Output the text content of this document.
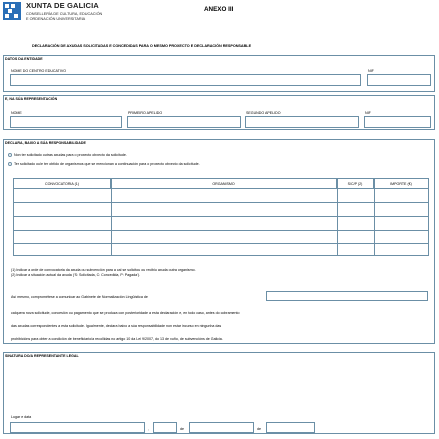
XUNTA DE GALICIA
CONSELLERÍA DE CULTURA, EDUCACIÓN
E ORDENACIÓN UNIVERSITARIA
ANEXO III
DECLARACIÓN DE AXUDAS SOLICITADAS E CONCEDIDAS PARA O MESMO PROXECTO E DECLARACIÓN RESPONSABLE
DATOS DA ENTIDADE
NOME DO CENTRO EDUCATIVO	NIF
E, NA SÚA REPRESENTACIÓN
NOME	PRIMEIRO APELIDO	SEGUNDO APELIDO	NIF
DECLARA, BAIXO A SÚA RESPONSABILIDADE
Non ter solicitado outras axudas para o proxecto obxecto da solicitude.
Ter solicitado ou/e ter obtido de organismos que se mencionan a continuación para o proxecto obxecto da solicitude.
(1) Indicar a orde de convocatoria da axuda ou subvención para a cal se solicitou ou recibiu axuda outra organismo.
(2) Indicar a situación actual da axuda ('S: Solicitada, C: Concedida, P: Pagada').
Así mesmo, comprométese a comunicar ao Gabinete de Normalización Lingüística de
calquera nova solicitude, concesión ou pagamento que se produza con posterioridade a esta declaración e, en todo caso, antes do cobramento
das axudas correspondentes a esta solicitude. Igualmente, declara baixo a súa responsabilidade non estar incurso en ningunha das
prohibicións para obter a condición de beneficiario/a recollidas no artigo 10 da Lei 9/2007, do 13 de xuño, de subvencións de Galicia.
CONVOCATORIA (1)	ORGANISMO	S/C/P (2)	IMPORTE (€)
SINATURA DO/A REPRESENTANTE LEGAL
Lugar e data
,	de	de
